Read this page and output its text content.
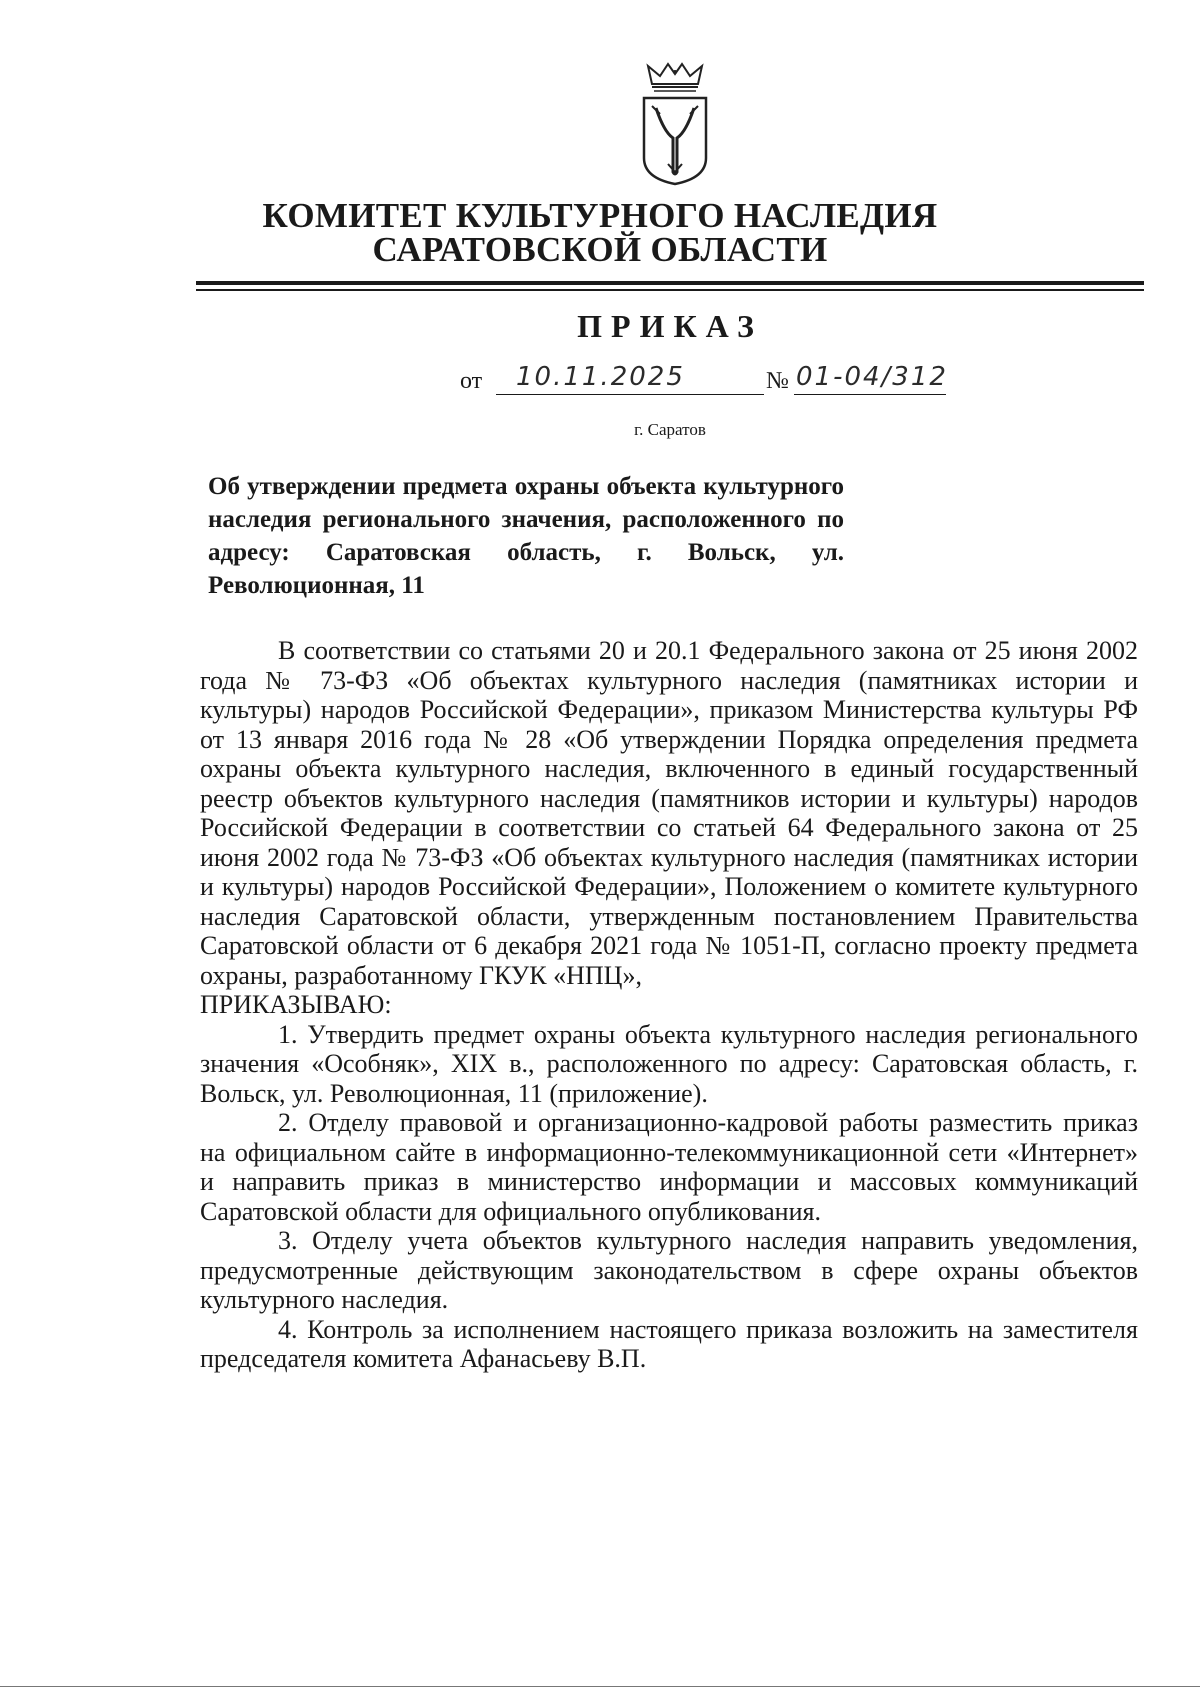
КОМИТЕТ КУЛЬТУРНОГО НАСЛЕДИЯ
САРАТОВСКОЙ ОБЛАСТИ
ПРИКАЗ
от 10.11.2025	№ 01-04/312
г. Саратов
Об утверждении предмета охраны объекта культурного наследия регионального значения, расположенного по адресу: Саратовская область, г. Вольск, ул. Революционная, 11

В соответствии со статьями 20 и 20.1 Федерального закона от 25 июня 2002 года № 73-ФЗ «Об объектах культурного наследия (памятниках истории и культуры) народов Российской Федерации», приказом Министерства культуры РФ от 13 января 2016 года № 28 «Об утверждении Порядка определения предмета охраны объекта культурного наследия, включенного в единый государственный реестр объектов культурного наследия (памятников истории и культуры) народов Российской Федерации в соответствии со статьей 64 Федерального закона от 25 июня 2002 года № 73-ФЗ «Об объектах культурного наследия (памятниках истории и культуры) народов Российской Федерации», Положением о комитете культурного наследия Саратовской области, утвержденным постановлением Правительства Саратовской области от 6 декабря 2021 года № 1051-П, согласно проекту предмета охраны, разработанному ГКУК «НПЦ»,

ПРИКАЗЫВАЮ:

1. Утвердить предмет охраны объекта культурного наследия регионального значения «Особняк», XIX в., расположенного по адресу: Саратовская область, г. Вольск, ул. Революционная, 11 (приложение).

2. Отделу правовой и организационно-кадровой работы разместить приказ на официальном сайте в информационно-телекоммуникационной сети «Интернет» и направить приказ в министерство информации и массовых коммуникаций Саратовской области для официального опубликования.

3. Отделу учета объектов культурного наследия направить уведомления, предусмотренные действующим законодательством в сфере охраны объектов культурного наследия.

4. Контроль за исполнением настоящего приказа возложить на заместителя председателя комитета Афанасьеву В.П.
